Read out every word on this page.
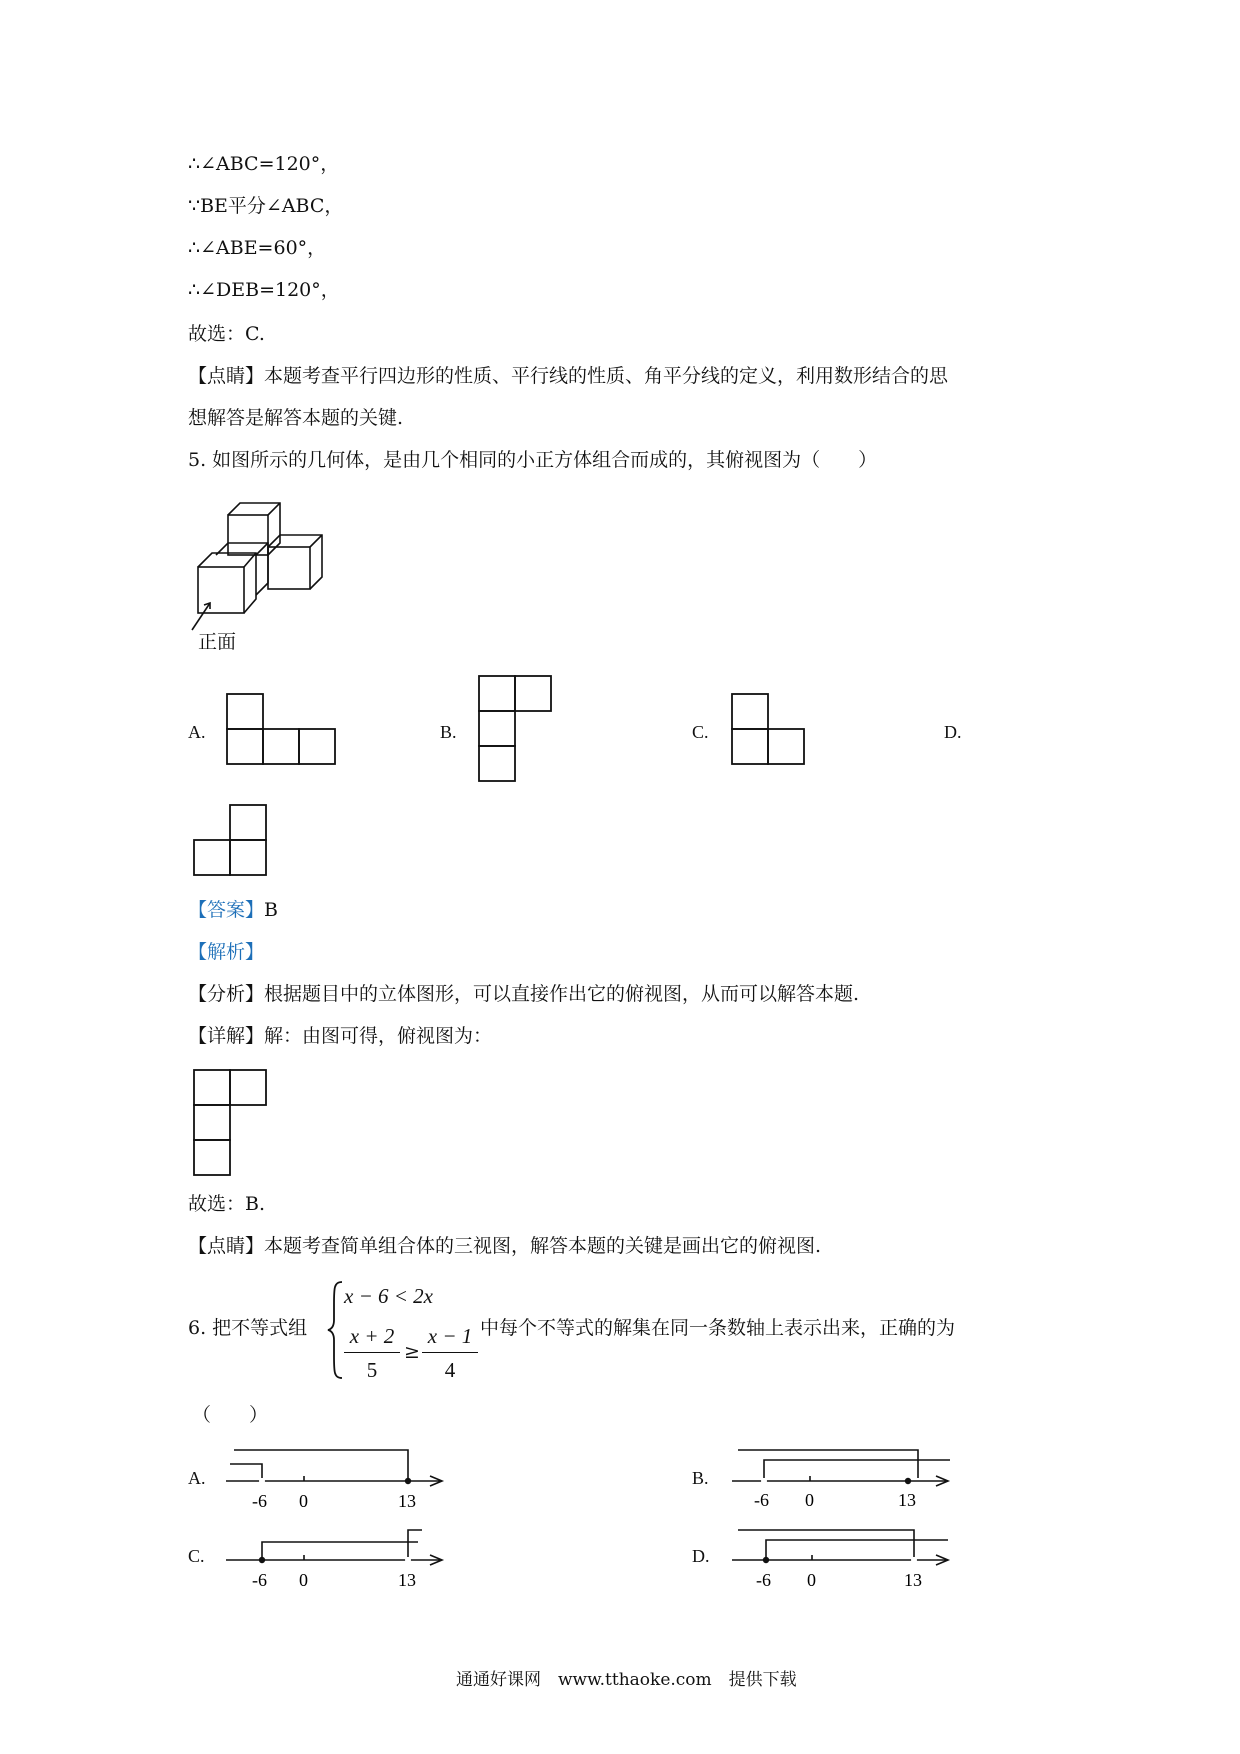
∴∠ABC=120°，
∵BE平分∠ABC，
∴∠ABE=60°，
∴∠DEB=120°，
故选：C.
【点睛】本题考查平行四边形的性质、平行线的性质、角平分线的定义，利用数形结合的思
想解答是解答本题的关键.
5. 如图所示的几何体，是由几个相同的小正方体组合而成的，其俯视图为（　　）
正面
A.	B.	C.	D.
【答案】B
【解析】
【分析】根据题目中的立体图形，可以直接作出它的俯视图，从而可以解答本题.
【详解】解：由图可得，俯视图为：
故选：B.
【点睛】本题考查简单组合体的三视图，解答本题的关键是画出它的俯视图.
6. 把不等式组
x − 6 < 2x
x + 2
5
≥
x − 1
4
中每个不等式的解集在同一条数轴上表示出来，正确的为
（　　）
A.
-6 0	13
B.
-6 0	13
C.
-6 0	13
D.
-6 0	13
通通好课网　www.tthaoke.com　提供下载
